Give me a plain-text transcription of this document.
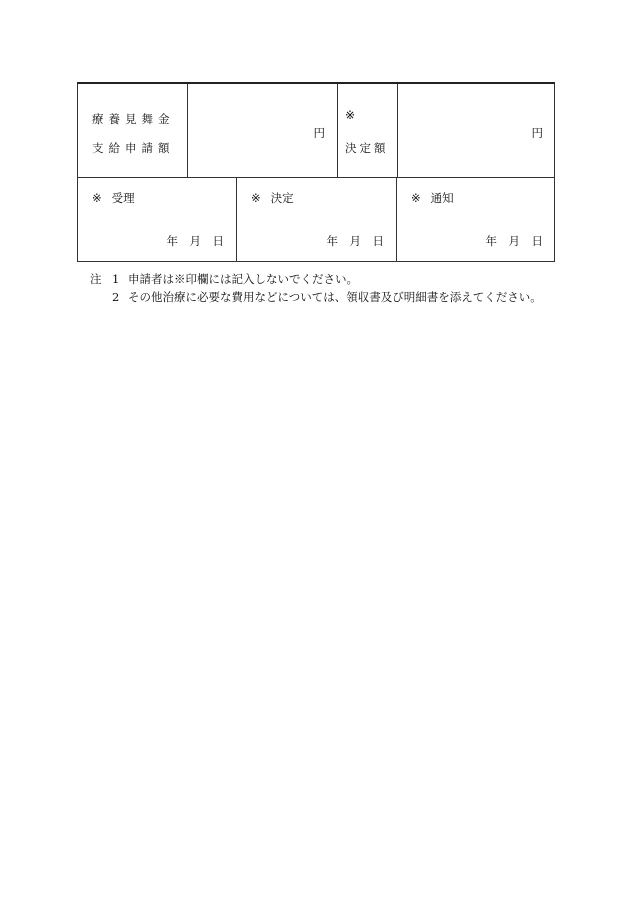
療養見舞金
支給申請額
円
※
決定額
円
※ 受理
年　月　日
※ 決定
年　月　日
※ 通知
年　月　日
注 1 申請者は※印欄には記入しないでください。
2 その他治療に必要な費用などについては、領収書及び明細書を添えてください。
